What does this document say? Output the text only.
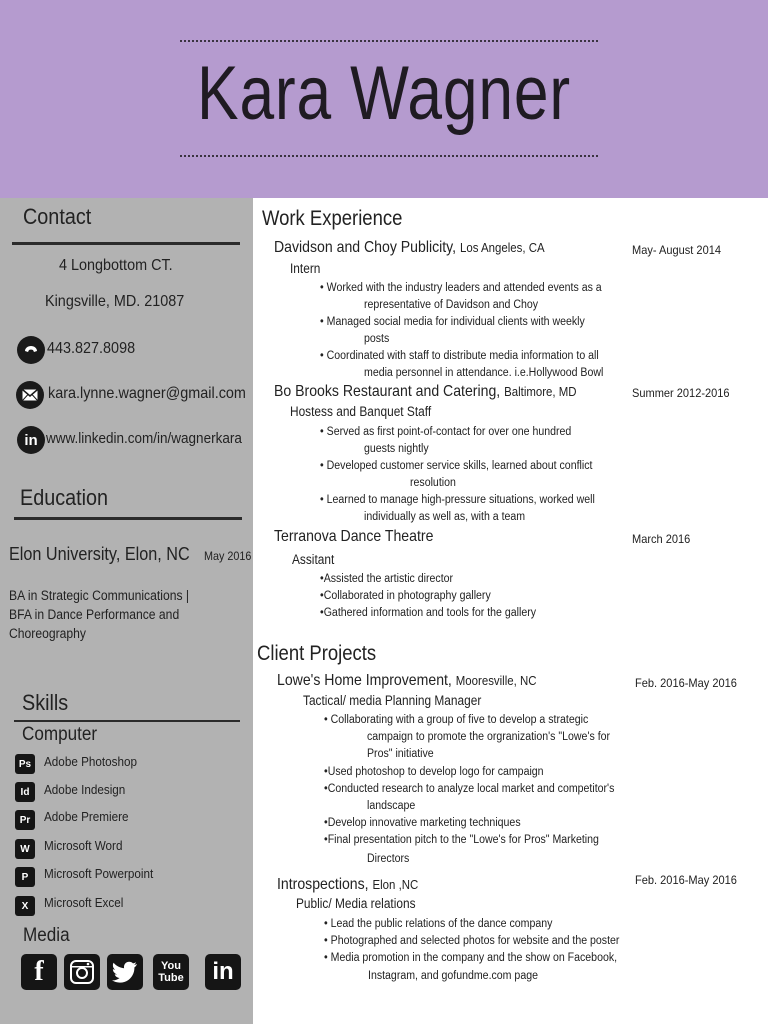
Kara Wagner
Contact
4 Longbottom CT.
Kingsville, MD. 21087
443.827.8098
kara.lynne.wagner@gmail.com
in www.linkedin.com/in/wagnerkara
Education
Elon University, Elon, NC May 2016
BA in Strategic Communications |
BFA in Dance Performance and
Choreography
Skills
Computer
Ps Adobe Photoshop
Id	Adobe Indesign
Pr	Adobe Premiere
W	Microsoft Word
P	Microsoft Powerpoint
X	Microsoft Excel
Media
f	You Tube	in
Work Experience
Davidson and Choy Publicity, Los Angeles, CA	May- August 2014
Intern
• Worked with the industry leaders and attended events as a
representative of Davidson and Choy
• Managed social media for individual clients with weekly
posts
• Coordinated with staff to distribute media information to all
media personnel in attendance. i.e.Hollywood Bowl
Bo Brooks Restaurant and Catering, Baltimore, MD	Summer 2012-2016
Hostess and Banquet Staff
• Served as first point-of-contact for over one hundred
guests nightly
• Developed customer service skills, learned about conflict
resolution
• Learned to manage high-pressure situations, worked well
individually as well as, with a team
Terranova Dance Theatre	March 2016
Assitant
•Assisted the artistic director
•Collaborated in photography gallery
•Gathered information and tools for the gallery
Client Projects
Lowe's Home Improvement, Mooresville, NC	Feb. 2016-May 2016
Tactical/ media Planning Manager
• Collaborating with a group of five to develop a strategic
campaign to promote the orgranization's "Lowe's for
Pros" initiative
•Used photoshop to develop logo for campaign
•Conducted research to analyze local market and competitor's
landscape
•Develop innovative marketing techniques
•Final presentation pitch to the "Lowe's for Pros" Marketing
Directors
Introspections, Elon ,NC	Feb. 2016-May 2016
Public/ Media relations
• Lead the public relations of the dance company
• Photographed and selected photos for website and the poster
• Media promotion in the company and the show on Facebook,
Instagram, and gofundme.com page
